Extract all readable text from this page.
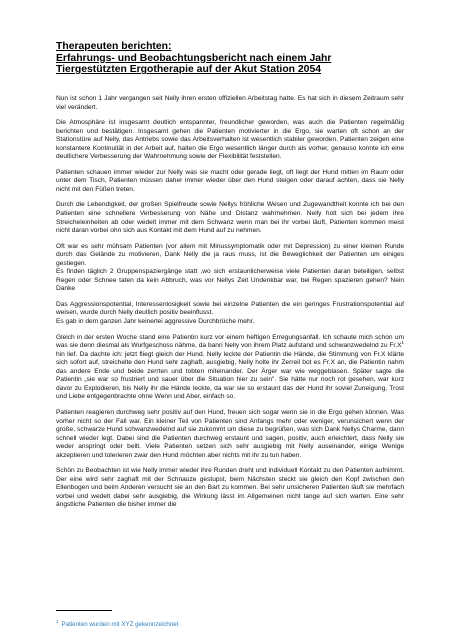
Therapeuten berichten:
Erfahrungs- und Beobachtungsbericht nach einem Jahr
Tiergestützten Ergotherapie auf der Akut Station 2054

Nun ist schon 1 Jahr vergangen seit Nelly ihren ersten offiziellen Arbeitstag hatte. Es hat sich in diesem Zeitraum sehr viel verändert.

Die Atmosphäre ist insgesamt deutlich entspannter, freundlicher geworden, was auch die Patienten regelmäßig berichten und bestätigen. Insgesamt gehen die Patienten motivierter in die Ergo, sie warten oft schon an der Stationstüre auf Nelly, das Antriebs sowie das Arbeitsverhalten ist wesentlich stabiler geworden. Patienten zeigen eine konstantere Kontinuität in der Arbeit auf, halten die Ergo wesentlich länger durch als vorher, genauso konnte ich eine deutlichere Verbesserung der Wahrnehmung sowie der Flexibilität feststellen.

Patienten schauen immer wieder zur Nelly was sie macht oder gerade liegt, oft liegt der Hund mitten im Raum oder unter dem Tisch, Patienten müssen daher immer wieder über den Hund steigen oder darauf achten, dass sie Nelly nicht mit den Füßen treten.

Durch die Lebendigkeit, der großen Spielfreude sowie Nellys fröhliche Wesen und Zugewandtheit konnte ich bei den Patienten eine schnellere Verbesserung von Nähe und Distanz wahrnehmen. Nelly holt sich bei jedem ihre Streicheleinheiten ab oder wedelt immer mit dem Schwanz wenn man bei ihr vorbei läuft, Patienten kommen meist nicht daran vorbei ohn sich aus Kontakt mit dem Hund auf zu nehmen.

Oft war es sehr mühsam Patienten (vor allem mit Minussymptomatik oder mit Depression) zu einer kleinen Runde durch das Gelände zu motivieren, Dank Nelly die ja raus muss, ist die Beweglichkeit der Patienten um einiges gestiegen.

Es finden täglich 2 Gruppenspaziergänge statt ,wo sich erstaunlicherweise viele Patienten daran beteiligen, selbst Regen oder Schnee taten da kein Abbruch, was vor Nellys Zeit Undenkbar war, bei Regen spazieren gehen? Nein Danke

Das Aggressionspotential, Interessenlosigkeit sowie bei einzelne Patienten die ein geringes Frustrationspotential auf weisen, wurde durch Nelly deutlich positiv beeinflusst.

Es gab in dem ganzen Jahr keinerlei aggressive Durchbrüche mehr.

Gleich in der ersten Woche stand eine Patientin kurz vor einem heftigen Erregungsanfall. Ich schaute mich schon um was sie denn diesmal als Wurfgeschoss nähme, da bann Nelly von ihrem Platz aufstand und schwanzwedelnd zu $Fr.X^1$ hin lief. Da dachte ich: jetzt fliegt gleich der Hund. Nelly leckte der Patientin die Hände, die Stimmung von Fr.X klärte sich sofort auf, streichelte den Hund sehr zaghaft, ausgiebig, Nelly holte ihr Zerreil bot es Fr.X an, die Patientin nahm das andere Ende und beide zerrten und tobten miteinander. Der Ärger war wie weggeblasen. Später sagte die Patientin „sie war so frustriert und sauer über die Situation hier zu sein". Sie hätte nur noch rot gesehen, war kurz davor zu Explodieren, bis Nelly ihr die Hände leckte, da war sie so erstaunt das der Hund ihr soviel Zuneigung, Trost und Liebe entgegenbrachte ohne Wenn und Aber, einfach so.

Patienten reagieren durchweg sehr positiv auf den Hund, freuen sich sogar wenn sie in die Ergo gehen können. Was vorher nicht so der Fall war. Ein kleiner Teil von Patienten sind Anfangs mehr oder weniger, verunsichert wenn der große, schwarze Hund schwanzwedelnd auf sie zukommt um diese zu begrüßen, was sich Dank Nellys Charme, dann schnell wieder legt. Dabei sind die Patienten durchweg erstaunt und sagen, positiv, auch erleichtert, dass Nelly sie weder anspringt oder bellt. Viele Patienten setzen sich sehr ausgiebig mit Nelly auseinander, einige Wenige akzeptieren und tolerieren zwar den Hund möchten aber nichts mit ihr zu tun haben.

Schön zu Beobachten ist wie Nelly immer wieder ihre Runden dreht und individuell Kontakt zu den Patienten aufnimmt. Der eine wird sehr zaghaft mit der Schnauze gestupst, beim Nächsten steckt sie gleich den Kopf zwischen den Ellenbogen und beim Anderen versucht sie an den Bart zu kommen. Bei sehr unsicheren Patienten läuft sie mehrfach vorbei und wedelt dabei sehr ausgiebig, die Wirkung lässt im Allgemeinen nicht lange auf sich warten. Eine sehr ängstliche Patienten die bisher immer die

$^1$ Patienten wurden mit XYZ gekennzeichnet
